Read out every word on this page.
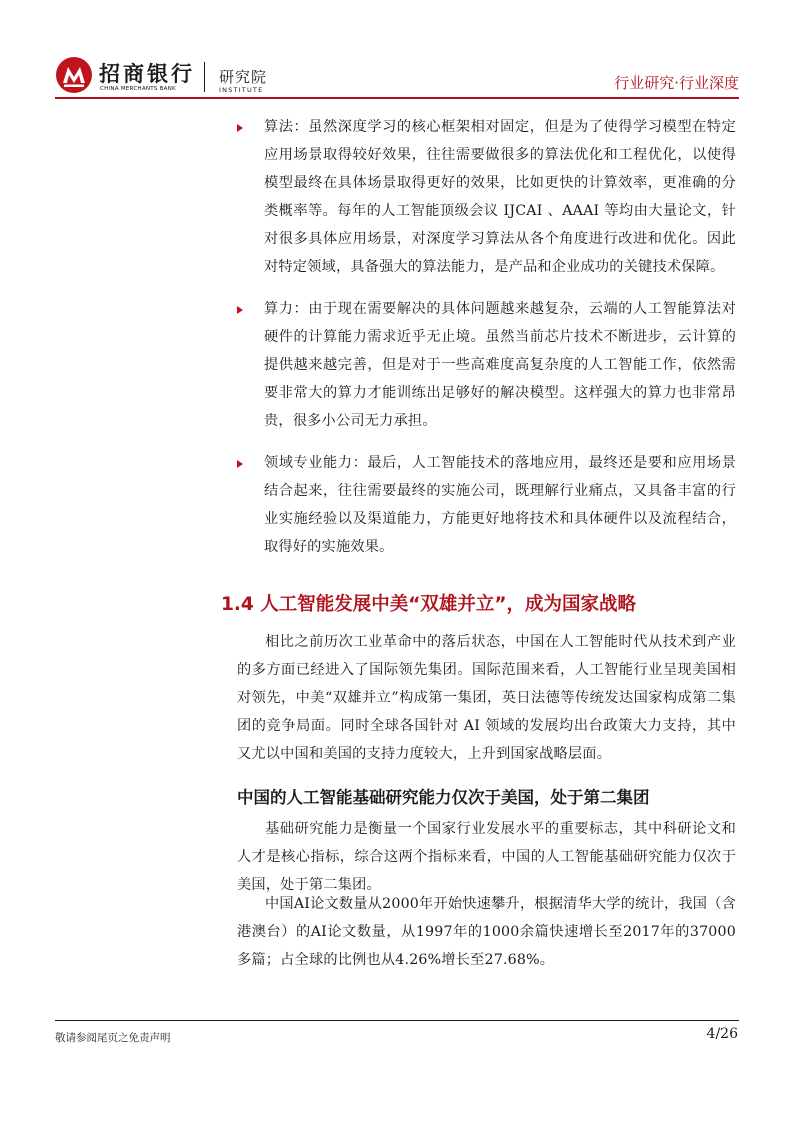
招商银行
CHINA MERCHANTS BANK
研究院
INSTITUTE	行业研究·行业深度

算法：虽然深度学习的核心框架相对固定，但是为了使得学习模型在特定应用场景取得较好效果，往往需要做很多的算法优化和工程优化，以使得模型最终在具体场景取得更好的效果，比如更快的计算效率，更准确的分类概率等。每年的人工智能顶级会议 IJCAI 、AAAI 等均由大量论文，针对很多具体应用场景，对深度学习算法从各个角度进行改进和优化。因此对特定领域，具备强大的算法能力，是产品和企业成功的关键技术保障。

算力：由于现在需要解决的具体问题越来越复杂，云端的人工智能算法对硬件的计算能力需求近乎无止境。虽然当前芯片技术不断进步，云计算的提供越来越完善，但是对于一些高难度高复杂度的人工智能工作，依然需要非常大的算力才能训练出足够好的解决模型。这样强大的算力也非常昂贵，很多小公司无力承担。

领域专业能力：最后，人工智能技术的落地应用，最终还是要和应用场景结合起来，往往需要最终的实施公司，既理解行业痛点，又具备丰富的行业实施经验以及渠道能力，方能更好地将技术和具体硬件以及流程结合，取得好的实施效果。

1.4 人工智能发展中美“双雄并立”，成为国家战略

相比之前历次工业革命中的落后状态，中国在人工智能时代从技术到产业的多方面已经进入了国际领先集团。国际范围来看，人工智能行业呈现美国相对领先，中美“双雄并立”构成第一集团，英日法德等传统发达国家构成第二集团的竞争局面。同时全球各国针对 AI 领域的发展均出台政策大力支持，其中又尤以中国和美国的支持力度较大，上升到国家战略层面。

中国的人工智能基础研究能力仅次于美国，处于第二集团

基础研究能力是衡量一个国家行业发展水平的重要标志，其中科研论文和人才是核心指标，综合这两个指标来看，中国的人工智能基础研究能力仅次于美国，处于第二集团。

中国AI论文数量从2000年开始快速攀升，根据清华大学的统计，我国（含港澳台）的AI论文数量，从1997年的1000余篇快速增长至2017年的37000多篇；占全球的比例也从4.26%增长至27.68%。

敬请参阅尾页之免责声明	4/26
